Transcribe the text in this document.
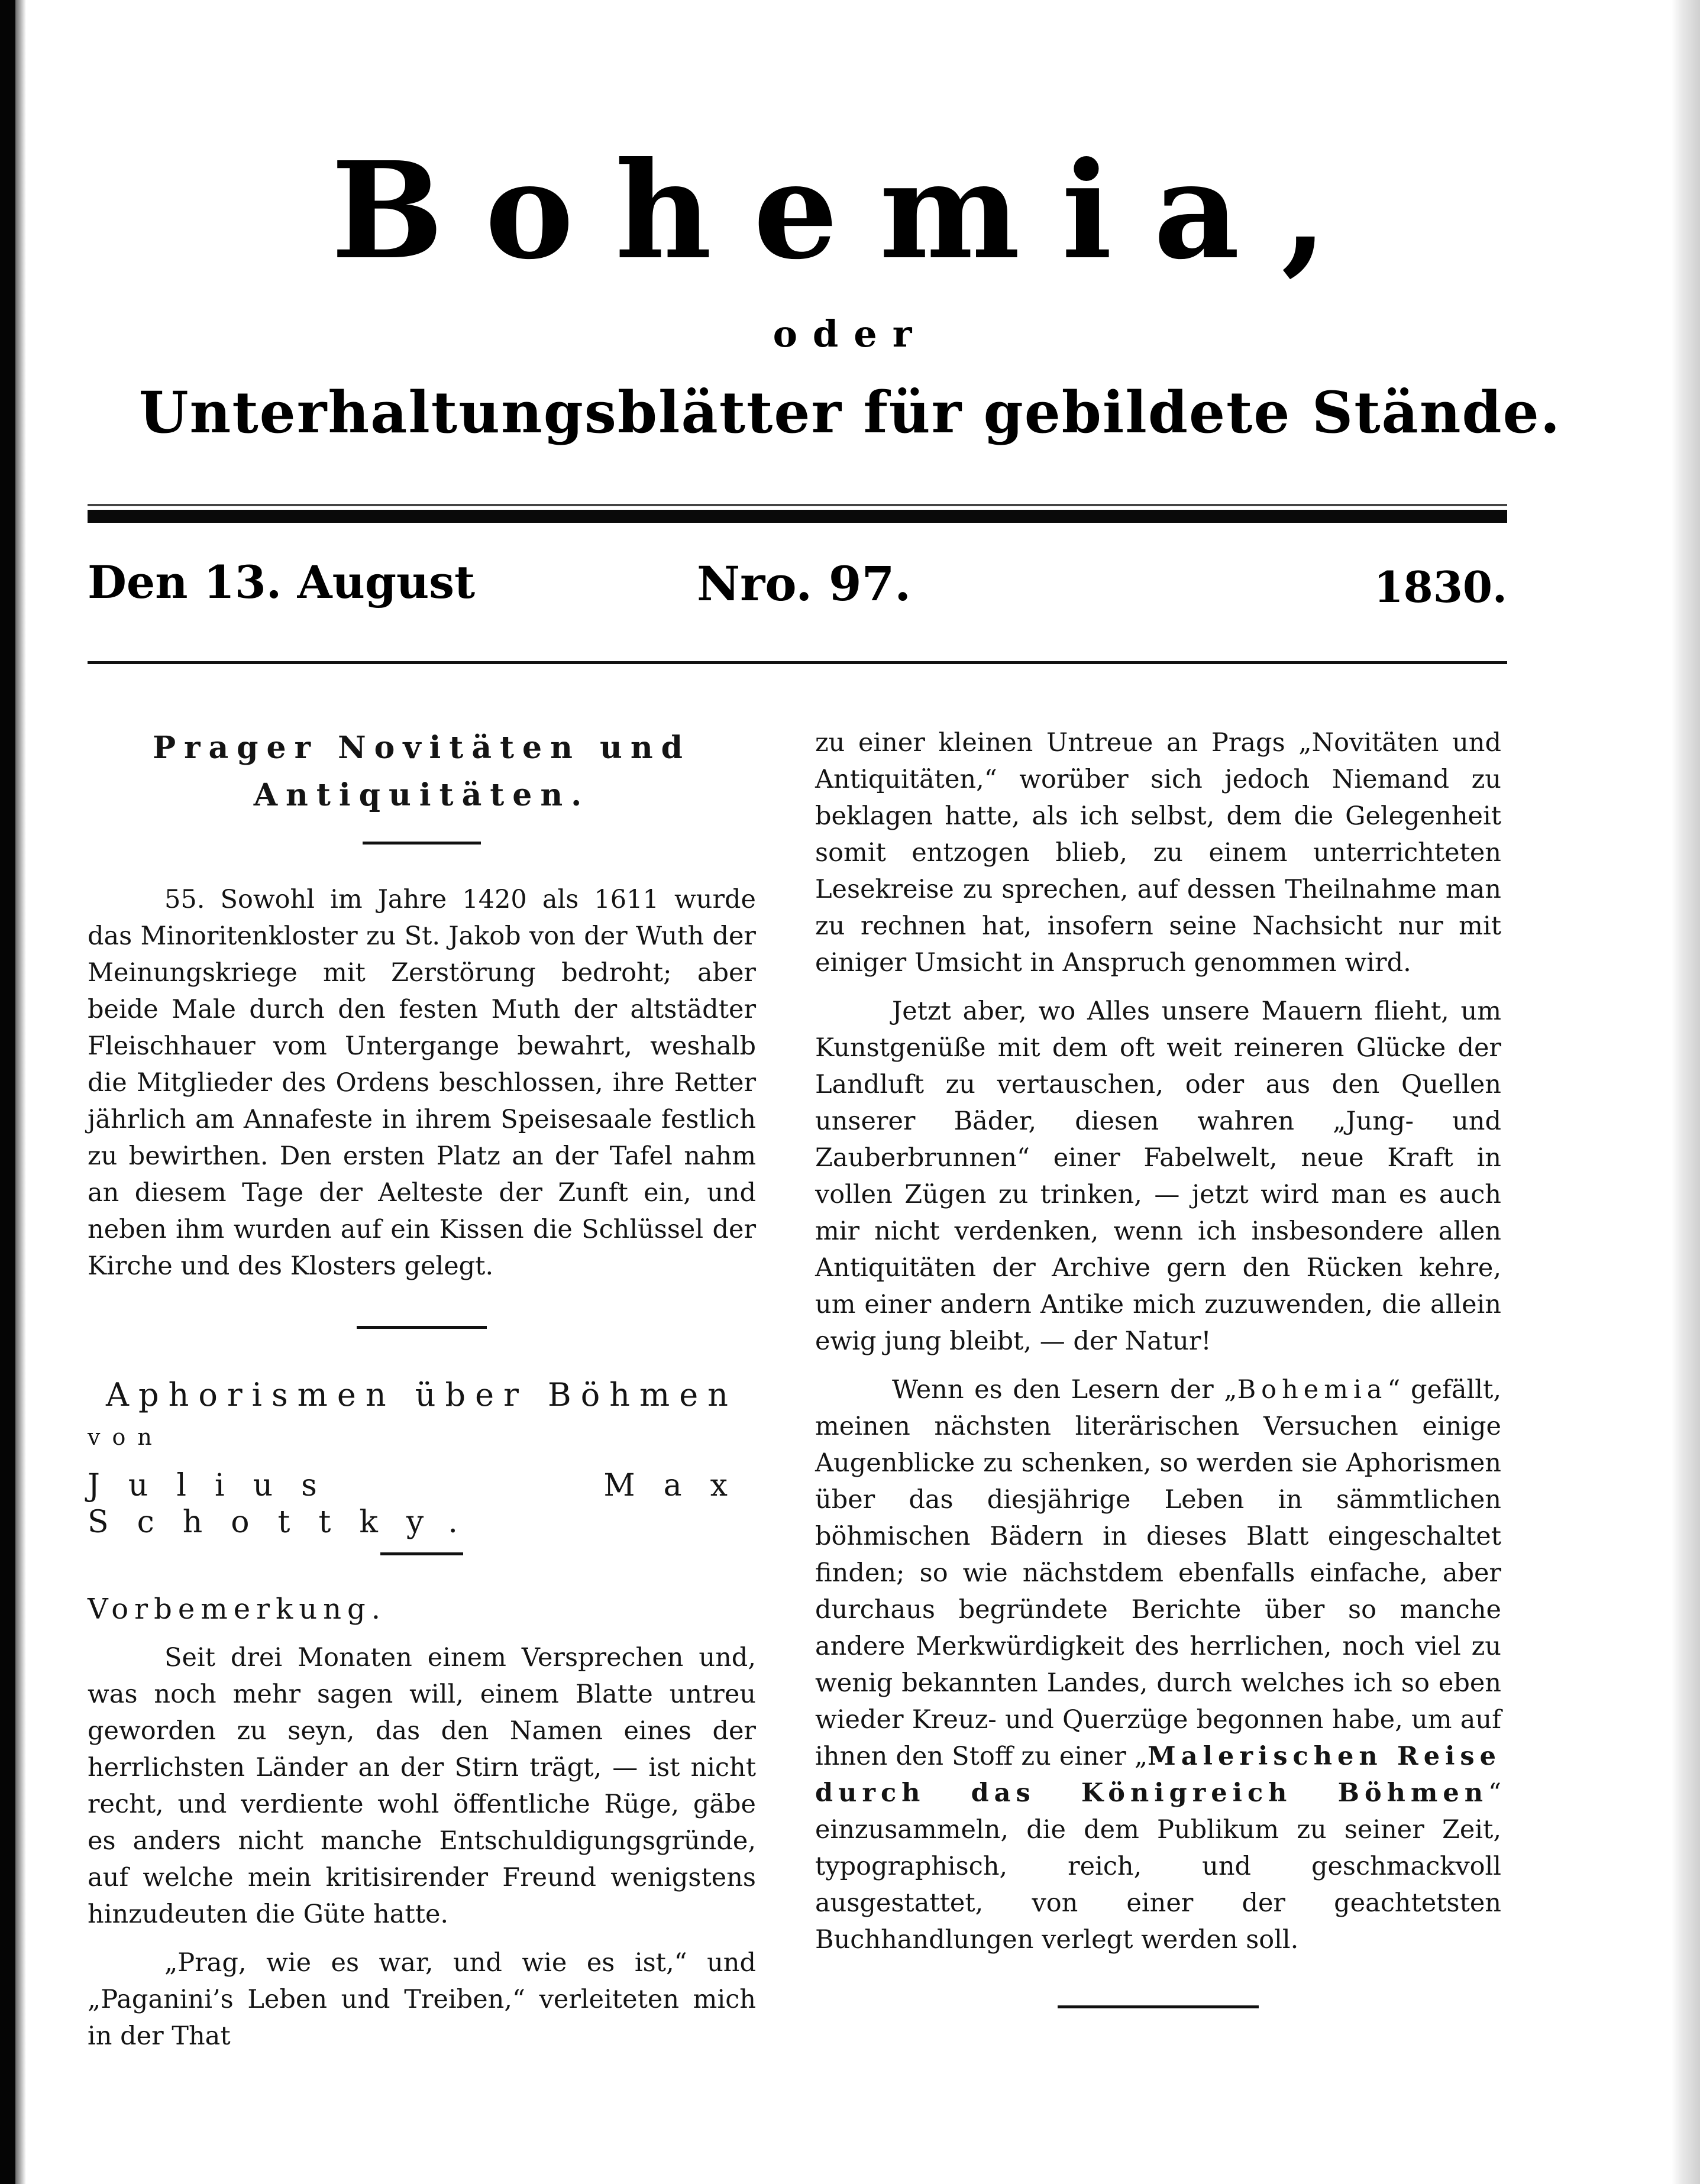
Bohemia,
oder
Unterhaltungsblätter für gebildete Stände.
Den 13. August	Nro. 97.	1830.
Prager Novitäten und Antiquitäten.

55. Sowohl im Jahre 1420 als 1611 wurde das Minoritenkloster zu St. Jakob von der Wuth der Meinungskriege mit Zerstörung bedroht; aber beide Male durch den festen Muth der altstädter Fleischhauer vom Untergange bewahrt, weshalb die Mitglieder des Ordens beschlossen, ihre Retter jährlich am Annafeste in ihrem Speisesaale festlich zu bewirthen. Den ersten Platz an der Tafel nahm an diesem Tage der Aelteste der Zunft ein, und neben ihm wurden auf ein Kissen die Schlüssel der Kirche und des Klosters gelegt.

Aphorismen über Böhmen

von

Julius Max Schottky.

Vorbemerkung.

Seit drei Monaten einem Versprechen und, was noch mehr sagen will, einem Blatte untreu geworden zu seyn, das den Namen eines der herrlichsten Länder an der Stirn trägt, — ist nicht recht, und verdiente wohl öffentliche Rüge, gäbe es anders nicht manche Entschuldigungsgründe, auf welche mein kritisirender Freund wenigstens hinzudeuten die Güte hatte.

„Prag, wie es war, und wie es ist,“ und „Paganini’s Leben und Treiben,“ verleiteten mich in der That

zu einer kleinen Untreue an Prags „Novitäten und Antiquitäten,“ worüber sich jedoch Niemand zu beklagen hatte, als ich selbst, dem die Gelegenheit somit entzogen blieb, zu einem unterrichteten Lesekreise zu sprechen, auf dessen Theilnahme man zu rechnen hat, insofern seine Nachsicht nur mit einiger Umsicht in Anspruch genommen wird.

Jetzt aber, wo Alles unsere Mauern flieht, um Kunstgenüße mit dem oft weit reineren Glücke der Landluft zu vertauschen, oder aus den Quellen unserer Bäder, diesen wahren „Jung- und Zauberbrunnen“ einer Fabelwelt, neue Kraft in vollen Zügen zu trinken, — jetzt wird man es auch mir nicht verdenken, wenn ich insbesondere allen Antiquitäten der Archive gern den Rücken kehre, um einer andern Antike mich zuzuwenden, die allein ewig jung bleibt, — der Natur!

Wenn es den Lesern der „Bohemia“ gefällt, meinen nächsten literärischen Versuchen einige Augenblicke zu schenken, so werden sie Aphorismen über das diesjährige Leben in sämmtlichen böhmischen Bädern in dieses Blatt eingeschaltet finden; so wie nächstdem ebenfalls einfache, aber durchaus begründete Berichte über so manche andere Merkwürdigkeit des herrlichen, noch viel zu wenig bekannten Landes, durch welches ich so eben wieder Kreuz- und Querzüge begonnen habe, um auf ihnen den Stoff zu einer „Malerischen Reise durch das Königreich Böhmen“ einzusammeln, die dem Publikum zu seiner Zeit, typographisch, reich, und geschmackvoll ausgestattet, von einer der geachtetsten Buchhandlungen verlegt werden soll.
